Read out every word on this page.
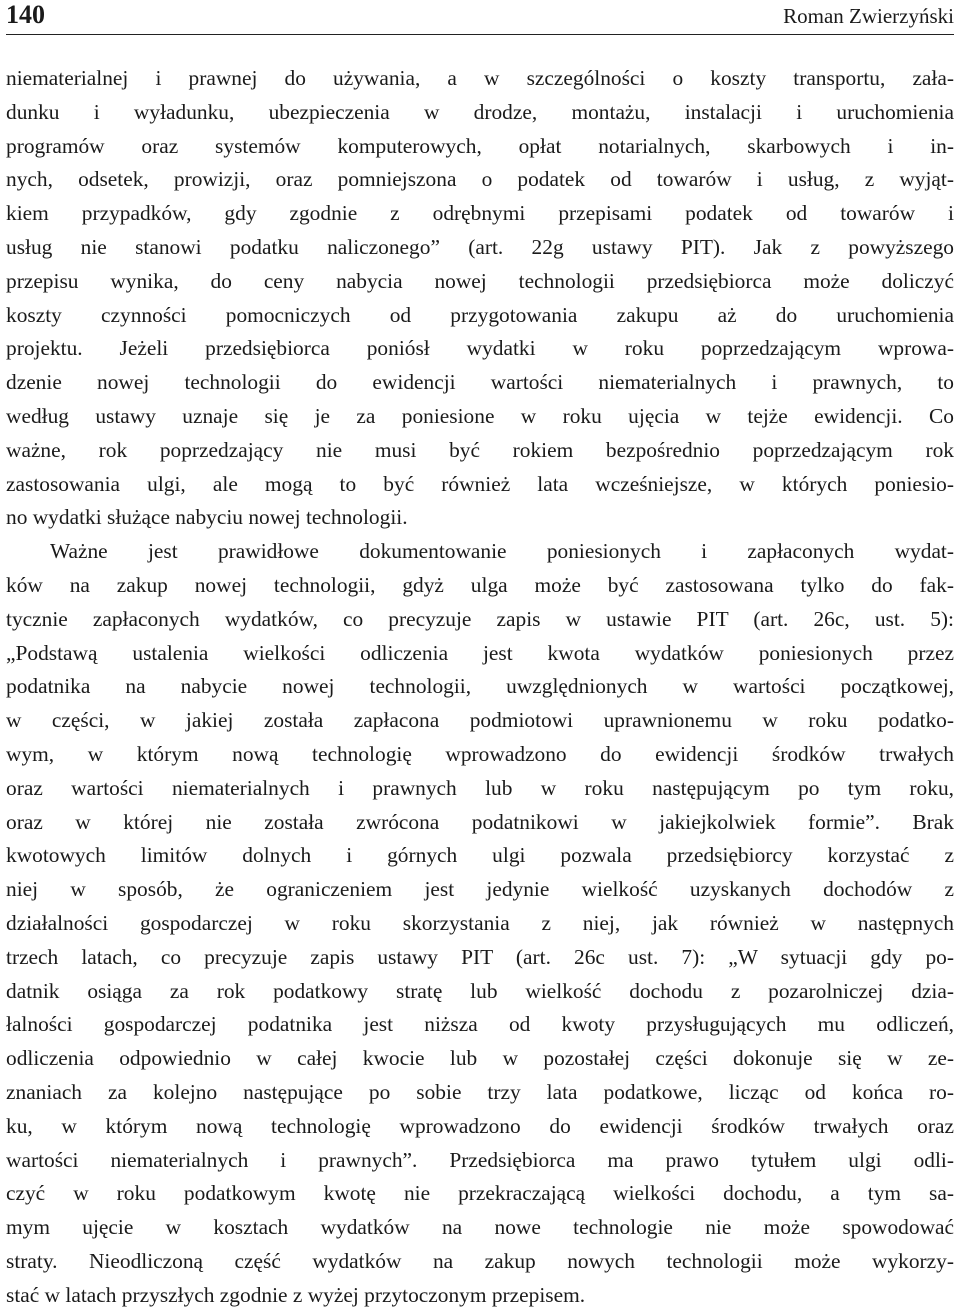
140	Roman Zwierzyński
niematerialnej i prawnej do używania, a w szczególności o koszty transportu, zała-
dunku i wyładunku, ubezpieczenia w drodze, montażu, instalacji i uruchomienia
programów oraz systemów komputerowych, opłat notarialnych, skarbowych i in-
nych, odsetek, prowizji, oraz pomniejszona o podatek od towarów i usług, z wyjąt-
kiem przypadków, gdy zgodnie z odrębnymi przepisami podatek od towarów i
usług nie stanowi podatku naliczonego” (art. 22g ustawy PIT). Jak z powyższego
przepisu wynika, do ceny nabycia nowej technologii przedsiębiorca może doliczyć
koszty czynności pomocniczych od przygotowania zakupu aż do uruchomienia
projektu. Jeżeli przedsiębiorca poniósł wydatki w roku poprzedzającym wprowa-
dzenie nowej technologii do ewidencji wartości niematerialnych i prawnych, to
według ustawy uznaje się je za poniesione w roku ujęcia w tejże ewidencji. Co
ważne, rok poprzedzający nie musi być rokiem bezpośrednio poprzedzającym rok
zastosowania ulgi, ale mogą to być również lata wcześniejsze, w których poniesio-
no wydatki służące nabyciu nowej technologii.
Ważne jest prawidłowe dokumentowanie poniesionych i zapłaconych wydat-
ków na zakup nowej technologii, gdyż ulga może być zastosowana tylko do fak-
tycznie zapłaconych wydatków, co precyzuje zapis w ustawie PIT (art. 26c, ust. 5):
„Podstawą ustalenia wielkości odliczenia jest kwota wydatków poniesionych przez
podatnika na nabycie nowej technologii, uwzględnionych w wartości początkowej,
w części, w jakiej została zapłacona podmiotowi uprawnionemu w roku podatko-
wym, w którym nową technologię wprowadzono do ewidencji środków trwałych
oraz wartości niematerialnych i prawnych lub w roku następującym po tym roku,
oraz w której nie została zwrócona podatnikowi w jakiejkolwiek formie”. Brak
kwotowych limitów dolnych i górnych ulgi pozwala przedsiębiorcy korzystać z
niej w sposób, że ograniczeniem jest jedynie wielkość uzyskanych dochodów z
działalności gospodarczej w roku skorzystania z niej, jak również w następnych
trzech latach, co precyzuje zapis ustawy PIT (art. 26c ust. 7): „W sytuacji gdy po-
datnik osiąga za rok podatkowy stratę lub wielkość dochodu z pozarolniczej dzia-
łalności gospodarczej podatnika jest niższa od kwoty przysługujących mu odliczeń,
odliczenia odpowiednio w całej kwocie lub w pozostałej części dokonuje się w ze-
znaniach za kolejno następujące po sobie trzy lata podatkowe, licząc od końca ro-
ku, w którym nową technologię wprowadzono do ewidencji środków trwałych oraz
wartości niematerialnych i prawnych”. Przedsiębiorca ma prawo tytułem ulgi odli-
czyć w roku podatkowym kwotę nie przekraczającą wielkości dochodu, a tym sa-
mym ujęcie w kosztach wydatków na nowe technologie nie może spowodować
straty. Nieodliczoną część wydatków na zakup nowych technologii może wykorzy-
stać w latach przyszłych zgodnie z wyżej przytoczonym przepisem.
